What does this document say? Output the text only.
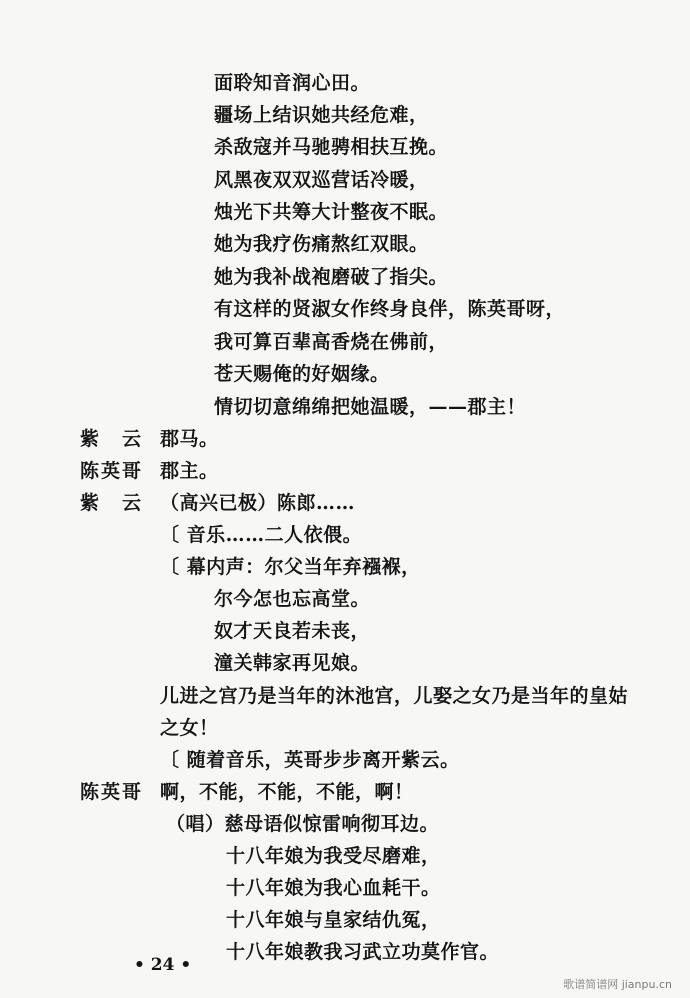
面聆知音润心田。
疆场上结识她共经危难，
杀敌寇并马驰骋相扶互挽。
风黑夜双双巡营话冷暖，
烛光下共筹大计整夜不眠。
她为我疗伤痛熬红双眼。
她为我补战袍磨破了指尖。
有这样的贤淑女作终身良伴，陈英哥呀，
我可算百辈高香烧在佛前，
苍天赐俺的好姻缘。
情切切意绵绵把她温暖，——郡主！
紫　云 郡马。
陈英哥 郡主。
紫　云 （高兴已极）陈郎……
〔 音乐……二人依偎。
〔 幕内声：尔父当年弃襁褓，
尔今怎也忘高堂。
奴才天良若未丧，
潼关韩家再见娘。
儿进之宫乃是当年的沐池宫，儿娶之女乃是当年的皇姑
之女！
〔 随着音乐，英哥步步离开紫云。
陈英哥 啊，不能，不能，不能，啊！
（唱）慈母语似惊雷响彻耳边。
十八年娘为我受尽磨难，
十八年娘为我心血耗干。
十八年娘与皇家结仇冤，
十八年娘教我习武立功莫作官。
• 24 •
歌谱简谱网 jianpu.cn
